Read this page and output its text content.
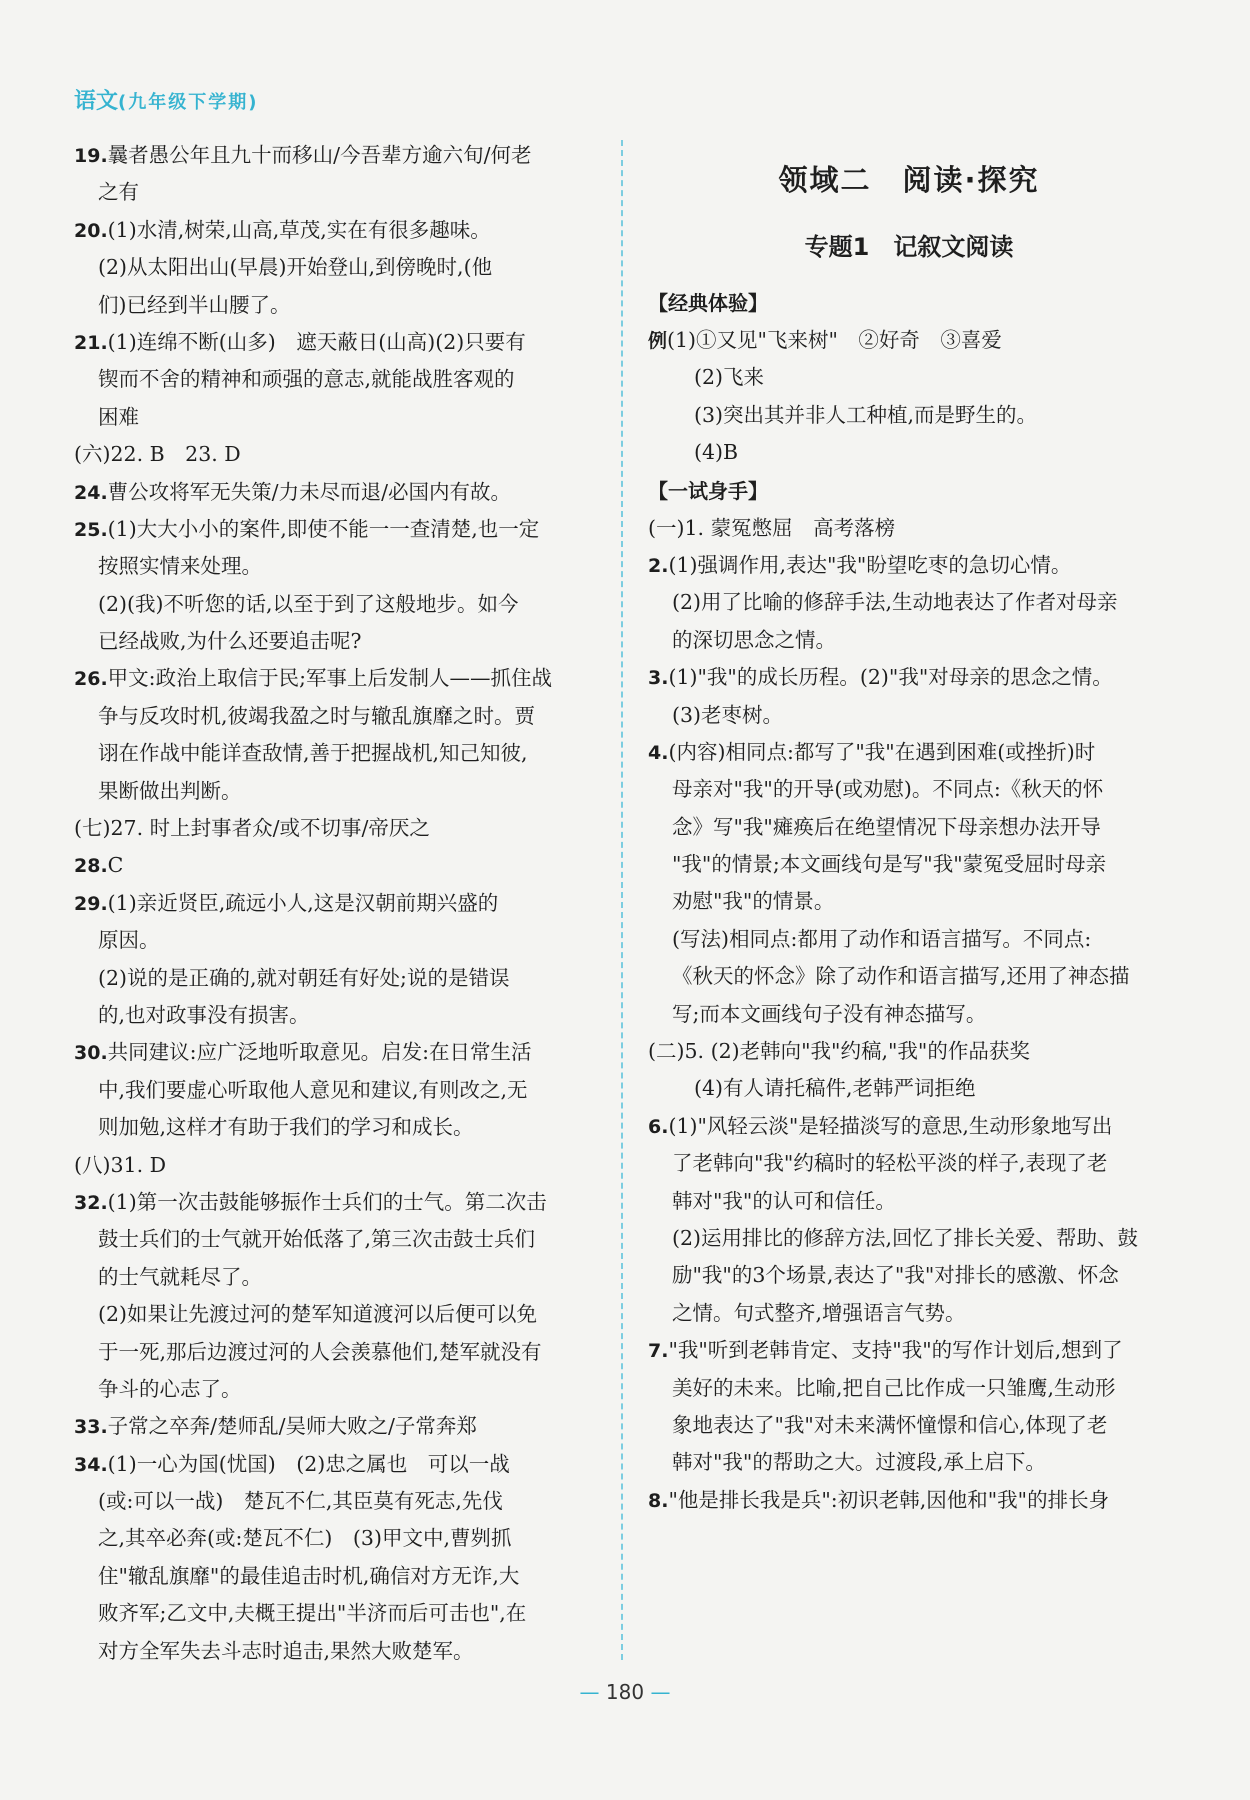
语文(九年级下学期)
19.曩者愚公年且九十而移山/今吾辈方逾六旬/何老
之有
20.(1)水清,树荣,山高,草茂,实在有很多趣味。
(2)从太阳出山(早晨)开始登山,到傍晚时,(他
们)已经到半山腰了。
21.(1)连绵不断(山多)　遮天蔽日(山高)(2)只要有
锲而不舍的精神和顽强的意志,就能战胜客观的
困难
(六)22. B　23. D
24.曹公攻将军无失策/力未尽而退/必国内有故。
25.(1)大大小小的案件,即使不能一一查清楚,也一定
按照实情来处理。
(2)(我)不听您的话,以至于到了这般地步。如今
已经战败,为什么还要追击呢?
26.甲文:政治上取信于民;军事上后发制人——抓住战
争与反攻时机,彼竭我盈之时与辙乱旗靡之时。贾
诩在作战中能详查敌情,善于把握战机,知己知彼,
果断做出判断。
(七)27. 时上封事者众/或不切事/帝厌之
28.C
29.(1)亲近贤臣,疏远小人,这是汉朝前期兴盛的
原因。
(2)说的是正确的,就对朝廷有好处;说的是错误
的,也对政事没有损害。
30.共同建议:应广泛地听取意见。启发:在日常生活
中,我们要虚心听取他人意见和建议,有则改之,无
则加勉,这样才有助于我们的学习和成长。
(八)31. D
32.(1)第一次击鼓能够振作士兵们的士气。第二次击
鼓士兵们的士气就开始低落了,第三次击鼓士兵们
的士气就耗尽了。
(2)如果让先渡过河的楚军知道渡河以后便可以免
于一死,那后边渡过河的人会羡慕他们,楚军就没有
争斗的心志了。
33.子常之卒奔/楚师乱/吴师大败之/子常奔郑
34.(1)一心为国(忧国)　(2)忠之属也　可以一战
(或:可以一战)　楚瓦不仁,其臣莫有死志,先伐
之,其卒必奔(或:楚瓦不仁)　(3)甲文中,曹刿抓
住"辙乱旗靡"的最佳追击时机,确信对方无诈,大
败齐军;乙文中,夫概王提出"半济而后可击也",在
对方全军失去斗志时追击,果然大败楚军。
领域二　阅读·探究
专题1　记叙文阅读
【经典体验】
例(1)①又见"飞来树"　②好奇　③喜爱
(2)飞来
(3)突出其并非人工种植,而是野生的。
(4)B
【一试身手】
(一)1. 蒙冤憋屈　高考落榜
2.(1)强调作用,表达"我"盼望吃枣的急切心情。
(2)用了比喻的修辞手法,生动地表达了作者对母亲
的深切思念之情。
3.(1)"我"的成长历程。(2)"我"对母亲的思念之情。
(3)老枣树。
4.(内容)相同点:都写了"我"在遇到困难(或挫折)时
母亲对"我"的开导(或劝慰)。不同点:《秋天的怀
念》写"我"瘫痪后在绝望情况下母亲想办法开导
"我"的情景;本文画线句是写"我"蒙冤受屈时母亲
劝慰"我"的情景。
(写法)相同点:都用了动作和语言描写。不同点:
《秋天的怀念》除了动作和语言描写,还用了神态描
写;而本文画线句子没有神态描写。
(二)5. (2)老韩向"我"约稿,"我"的作品获奖
(4)有人请托稿件,老韩严词拒绝
6.(1)"风轻云淡"是轻描淡写的意思,生动形象地写出
了老韩向"我"约稿时的轻松平淡的样子,表现了老
韩对"我"的认可和信任。
(2)运用排比的修辞方法,回忆了排长关爱、帮助、鼓
励"我"的3个场景,表达了"我"对排长的感激、怀念
之情。句式整齐,增强语言气势。
7."我"听到老韩肯定、支持"我"的写作计划后,想到了
美好的未来。比喻,把自己比作成一只雏鹰,生动形
象地表达了"我"对未来满怀憧憬和信心,体现了老
韩对"我"的帮助之大。过渡段,承上启下。
8."他是排长我是兵":初识老韩,因他和"我"的排长身
— 180 —
